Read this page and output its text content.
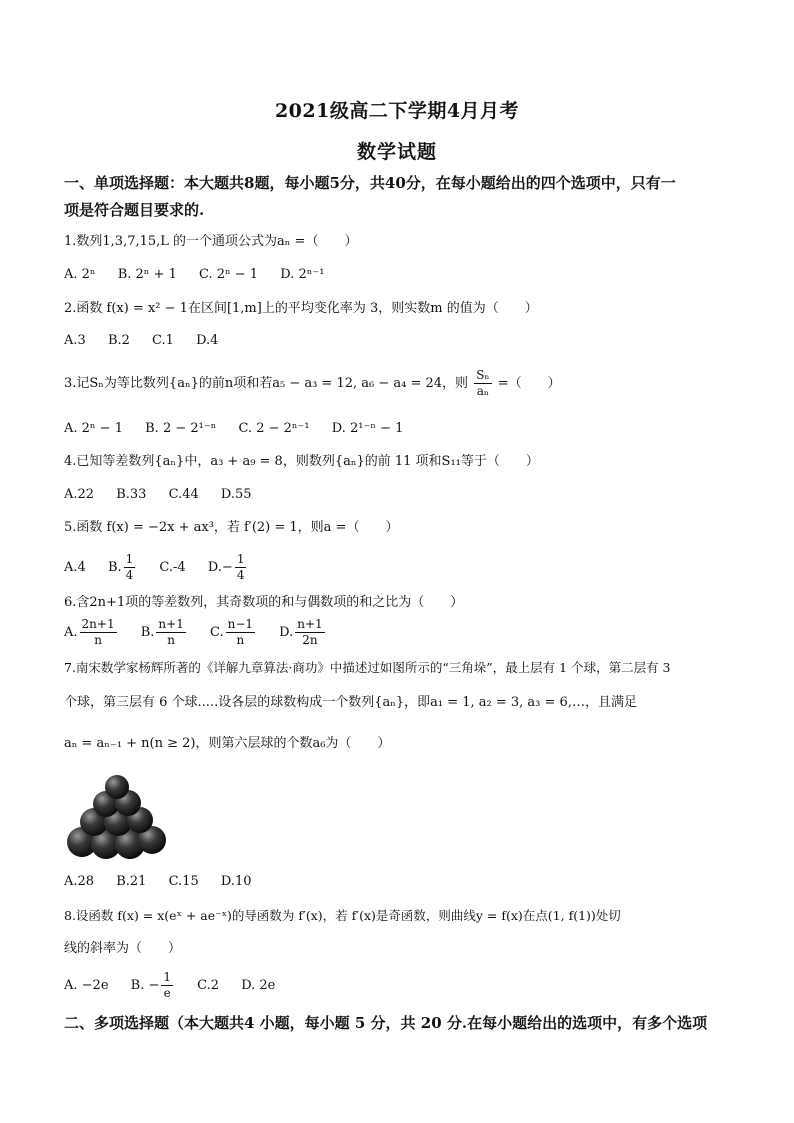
2021级高二下学期4月月考
数学试题
一、单项选择题：本大题共8题，每小题5分，共40分，在每小题给出的四个选项中，只有一
项是符合题目要求的.
1.数列1,3,7,15,L 的一个通项公式为aₙ =（　　）
A. 2ⁿ B. 2ⁿ + 1 C. 2ⁿ − 1 D. 2ⁿ⁻¹
2.函数 f(x) = x² − 1在区间[1,m]上的平均变化率为 3，则实数m 的值为（　　）
A.3 B.2 C.1 D.4
3.记Sₙ为等比数列{aₙ}的前n项和若a₅ − a₃ = 12, a₆ − a₄ = 24，则 $\frac{\text{Sₙ}}{\text{aₙ}}$ =（　　）
A. 2ⁿ − 1 B. 2 − 2¹⁻ⁿ C. 2 − 2ⁿ⁻¹ D. 2¹⁻ⁿ − 1
4.已知等差数列{aₙ}中，a₃ + a₉ = 8，则数列{aₙ}的前 11 项和S₁₁等于（　　）
A.22 B.33 C.44 D.55
5.函数 f(x) = −2x + ax³，若 f′(2) = 1，则a =（　　）
A.4 B. $\frac{1}{4} C.-4$ $D.- \frac{1}{4}$
6.含2n+1项的等差数列，其奇数项的和与偶数项的和之比为（　　）
A. $\frac{2n+1}{n} B$. $\frac{n+1}{n} C$. $\frac{n-1}{n} D$. $\frac{n+1}{2n}$
7.南宋数学家杨辉所著的《详解九章算法·商功》中描述过如图所示的“三角垛”，最上层有 1 个球，第二层有 3
个球，第三层有 6 个球.....设各层的球数构成一个数列{aₙ}，即a₁ = 1, a₂ = 3, a₃ = 6,…，且满足
aₙ = aₙ₋₁ + n(n ≥ 2)，则第六层球的个数a₆为（　　）
A.28 B.21 C.15 D.10
8.设函数 f(x) = x(eˣ + ae⁻ˣ)的导函数为 f′(x)，若 f′(x)是奇函数，则曲线y = f(x)在点(1, f(1))处切
线的斜率为（　　）
A. −2e B. − $\frac{1}{e} C.2$ D. 2e
二、多项选择题（本大题共4 小题，每小题 5 分，共 20 分.在每小题给出的选项中，有多个选项
